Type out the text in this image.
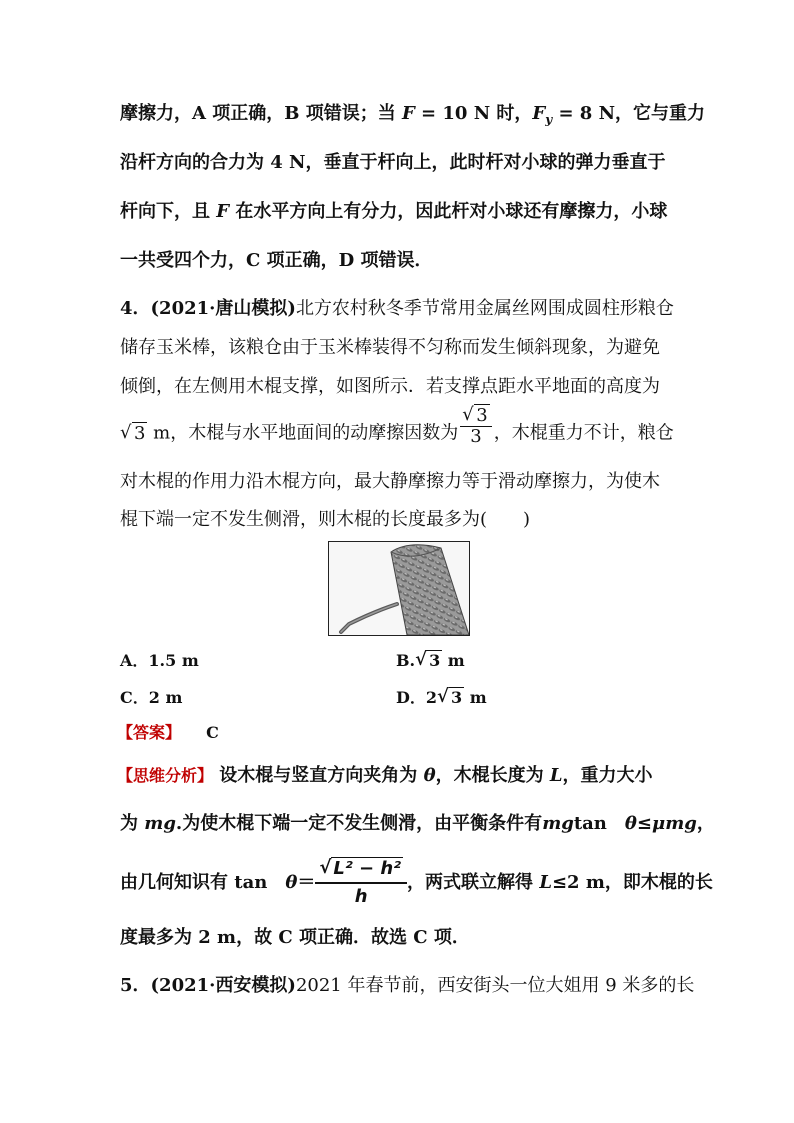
摩擦力，A 项正确，B 项错误；当 F = 10 N 时，$F_y = 8$ N，它与重力
沿杆方向的合力为 4 N，垂直于杆向上，此时杆对小球的弹力垂直于
杆向下，且 F 在水平方向上有分力，因此杆对小球还有摩擦力，小球
一共受四个力，C 项正确，D 项错误．
4．(2021·唐山模拟)北方农村秋冬季节常用金属丝网围成圆柱形粮仓
储存玉米棒，该粮仓由于玉米棒装得不匀称而发生倾斜现象，为避免
倾倒，在左侧用木棍支撑，如图所示．若支撑点距水平地面的高度为
√ 3 m，木棍与水平地面间的动摩擦因数为 $\frac{√ 3}{3}$ ，木棍重力不计，粮仓
对木棍的作用力沿木棍方向，最大静摩擦力等于滑动摩擦力，为使木
棍下端一定不发生侧滑，则木棍的长度最多为(　　)
A．1.5 m	B. √ 3 m
C．2 m	D．2 √ 3 m
【答案】 C
【思维分析】 设木棍与竖直方向夹角为 θ，木棍长度为 L，重力大小
为 mg.为使木棍下端一定不发生侧滑，由平衡条件有mgtan　θ≤μmg，
由几何知识有 tan　$\theta= \frac{\text{√ L² − h²}}{h}$，两式联立解得 L≤2 m，即木棍的长
度最多为 2 m，故 C 项正确．故选 C 项．
5．(2021·西安模拟)2021 年春节前，西安街头一位大姐用 9 米多的长
